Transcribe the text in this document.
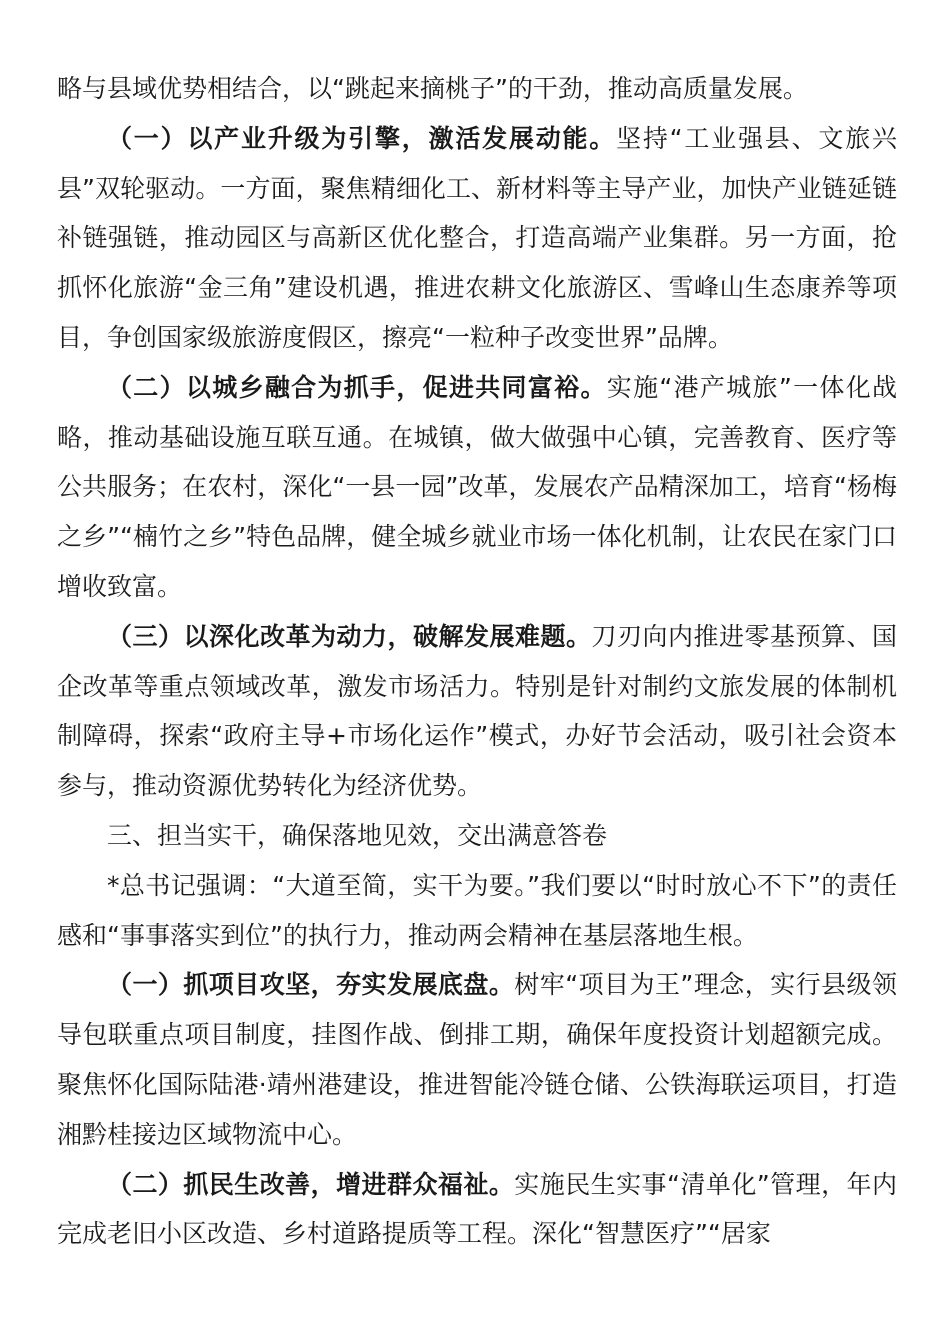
略与县域优势相结合，以“跳起来摘桃子”的干劲，推动高质量发展。

（一）以产业升级为引擎，激活发展动能。坚持“工业强县、文旅兴县”双轮驱动。一方面，聚焦精细化工、新材料等主导产业，加快产业链延链补链强链，推动园区与高新区优化整合，打造高端产业集群。另一方面，抢抓怀化旅游“金三角”建设机遇，推进农耕文化旅游区、雪峰山生态康养等项目，争创国家级旅游度假区，擦亮“一粒种子改变世界”品牌。

（二）以城乡融合为抓手，促进共同富裕。实施“港产城旅”一体化战略，推动基础设施互联互通。在城镇，做大做强中心镇，完善教育、医疗等公共服务；在农村，深化“一县一园”改革，发展农产品精深加工，培育“杨梅之乡”“楠竹之乡”特色品牌，健全城乡就业市场一体化机制，让农民在家门口增收致富。

（三）以深化改革为动力，破解发展难题。刀刃向内推进零基预算、国企改革等重点领域改革，激发市场活力。特别是针对制约文旅发展的体制机制障碍，探索“政府主导+市场化运作”模式，办好节会活动，吸引社会资本参与，推动资源优势转化为经济优势。

三、担当实干，确保落地见效，交出满意答卷

*总书记强调：“大道至简，实干为要。”我们要以“时时放心不下”的责任感和“事事落实到位”的执行力，推动两会精神在基层落地生根。

（一）抓项目攻坚，夯实发展底盘。树牢“项目为王”理念，实行县级领导包联重点项目制度，挂图作战、倒排工期，确保年度投资计划超额完成。聚焦怀化国际陆港·靖州港建设，推进智能冷链仓储、公铁海联运项目，打造湘黔桂接边区域物流中心。

（二）抓民生改善，增进群众福祉。实施民生实事“清单化”管理，年内完成老旧小区改造、乡村道路提质等工程。深化“智慧医疗”“居家
